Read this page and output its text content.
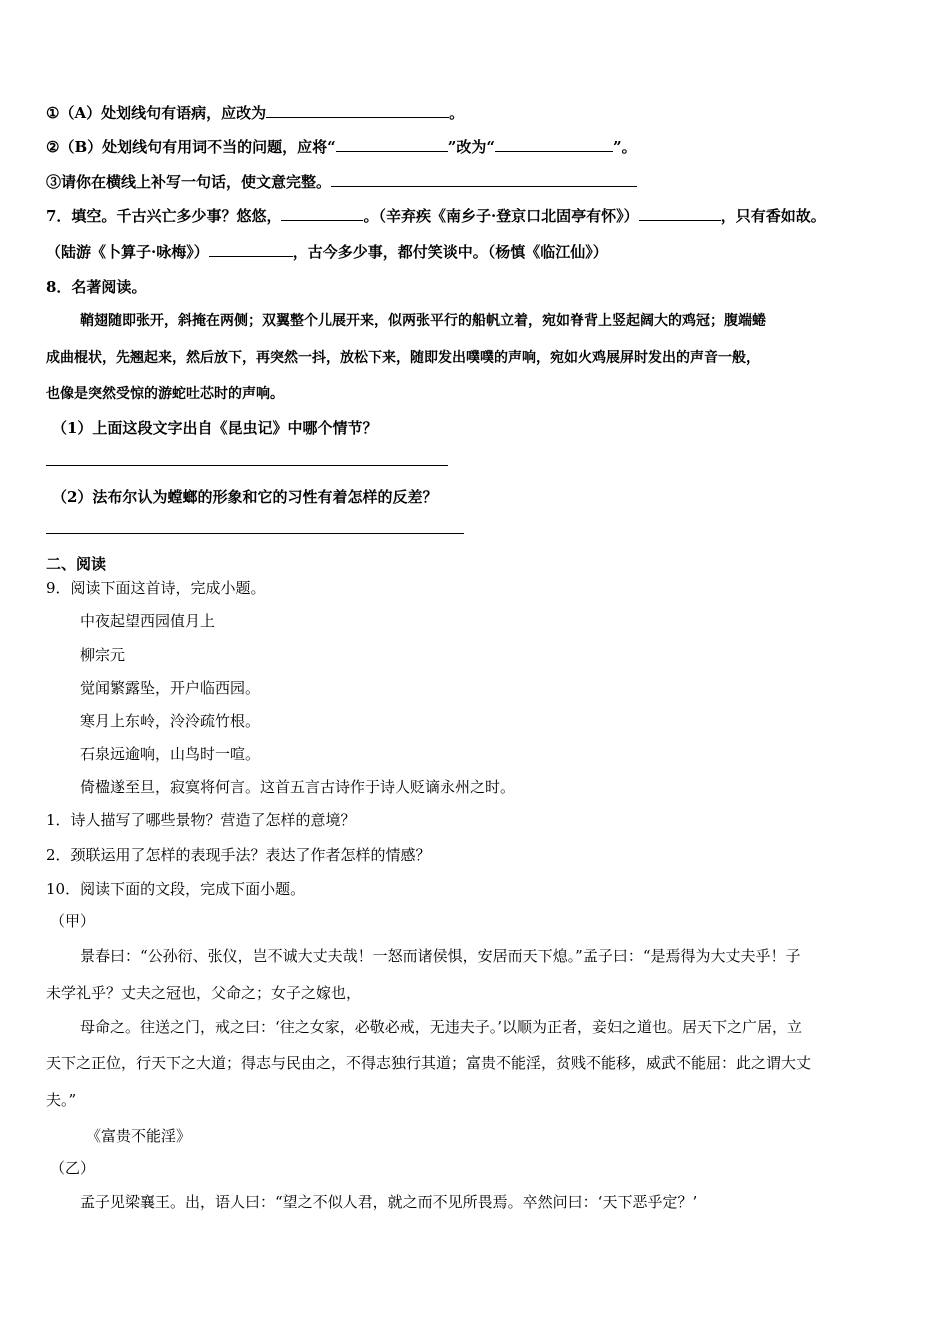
①（A）处划线句有语病，应改为	。
②（B）处划线句有用词不当的问题，应将“	”改为“	”。
③请你在横线上补写一句话，使文意完整。
7．填空。千古兴亡多少事？悠悠，	。（辛弃疾《南乡子·登京口北固亭有怀》）	，只有香如故。
（陆游《卜算子·咏梅》）	，古今多少事，都付笑谈中。（杨慎《临江仙》）
8．名著阅读。
鞘翅随即张开，斜掩在两侧；双翼整个儿展开来，似两张平行的船帆立着，宛如脊背上竖起阔大的鸡冠；腹端蜷
成曲棍状，先翘起来，然后放下，再突然一抖，放松下来，随即发出噗噗的声响，宛如火鸡展屏时发出的声音一般，
也像是突然受惊的游蛇吐芯时的声响。
（1）上面这段文字出自《昆虫记》中哪个情节？
（2）法布尔认为螳螂的形象和它的习性有着怎样的反差？
二、阅读
9．阅读下面这首诗，完成小题。
中夜起望西园值月上
柳宗元
觉闻繁露坠，开户临西园。
寒月上东岭，泠泠疏竹根。
石泉远逾响，山鸟时一喧。
倚楹遂至旦，寂寞将何言。这首五言古诗作于诗人贬谪永州之时。
1．诗人描写了哪些景物？营造了怎样的意境？
2．颈联运用了怎样的表现手法？表达了作者怎样的情感？
10．阅读下面的文段，完成下面小题。
（甲）
景春曰：“公孙衍、张仪，岂不诚大丈夫哉！一怒而诸侯惧，安居而天下熄。”孟子曰：“是焉得为大丈夫乎！子
未学礼乎？丈夫之冠也，父命之；女子之嫁也，
母命之。往送之门，戒之曰：‘往之女家，必敬必戒，无违夫子。’以顺为正者，妾妇之道也。居天下之广居，立
天下之正位，行天下之大道；得志与民由之，不得志独行其道；富贵不能淫，贫贱不能移，威武不能屈：此之谓大丈
夫。”
《富贵不能淫》
（乙）
孟子见梁襄王。出，语人曰：“望之不似人君，就之而不见所畏焉。卒然问曰：‘天下恶乎定？’
